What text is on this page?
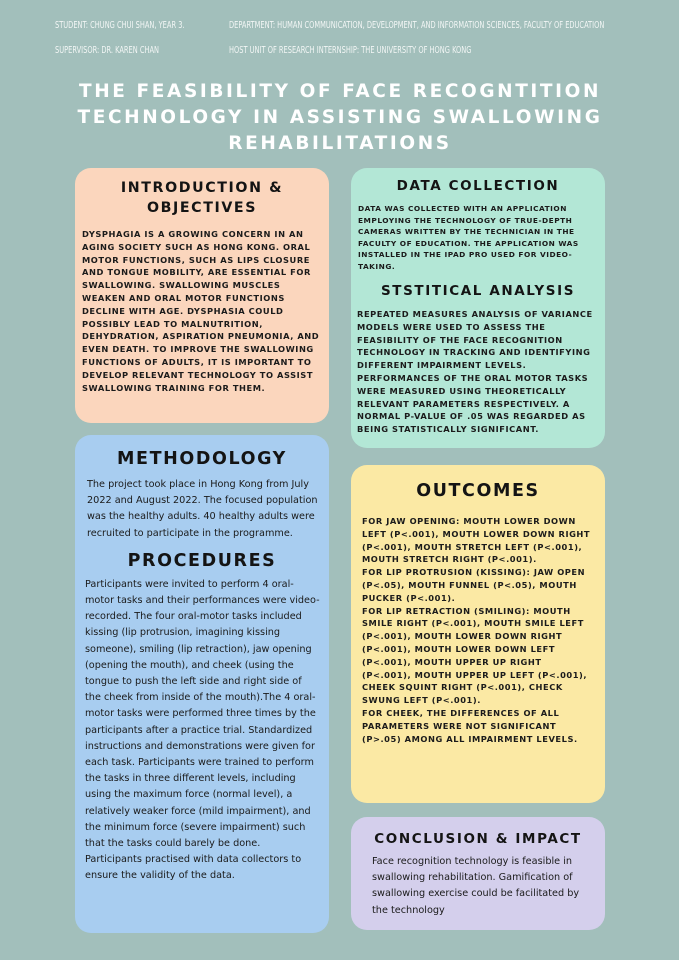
STUDENT: CHUNG CHUI SHAN, YEAR 3.	DEPARTMENT: HUMAN COMMUNICATION, DEVELOPMENT, AND INFORMATION SCIENCES, FACULTY OF EDUCATION
SUPERVISOR: DR. KAREN CHAN	HOST UNIT OF RESEARCH INTERNSHIP: THE UNIVERSITY OF HONG KONG
THE FEASIBILITY OF FACE RECOGNTITION TECHNOLOGY IN ASSISTING SWALLOWING REHABILITATIONS
INTRODUCTION & OBJECTIVES

DYSPHAGIA IS A GROWING CONCERN IN AN AGING SOCIETY SUCH AS HONG KONG. ORAL MOTOR FUNCTIONS, SUCH AS LIPS CLOSURE AND TONGUE MOBILITY, ARE ESSENTIAL FOR SWALLOWING. SWALLOWING MUSCLES WEAKEN AND ORAL MOTOR FUNCTIONS DECLINE WITH AGE. DYSPHASIA COULD POSSIBLY LEAD TO MALNUTRITION, DEHYDRATION, ASPIRATION PNEUMONIA, AND EVEN DEATH. TO IMPROVE THE SWALLOWING FUNCTIONS OF ADULTS, IT IS IMPORTANT TO DEVELOP RELEVANT TECHNOLOGY TO ASSIST SWALLOWING TRAINING FOR THEM.

DATA COLLECTION

DATA WAS COLLECTED WITH AN APPLICATION EMPLOYING THE TECHNOLOGY OF TRUE-DEPTH CAMERAS WRITTEN BY THE TECHNICIAN IN THE FACULTY OF EDUCATION. THE APPLICATION WAS INSTALLED IN THE IPAD PRO USED FOR VIDEO-TAKING.

STSTITICAL ANALYSIS

REPEATED MEASURES ANALYSIS OF VARIANCE MODELS WERE USED TO ASSESS THE FEASIBILITY OF THE FACE RECOGNITION TECHNOLOGY IN TRACKING AND IDENTIFYING DIFFERENT IMPAIRMENT LEVELS. PERFORMANCES OF THE ORAL MOTOR TASKS WERE MEASURED USING THEORETICALLY RELEVANT PARAMETERS RESPECTIVELY. A NORMAL P-VALUE OF .05 WAS REGARDED AS BEING STATISTICALLY SIGNIFICANT.

METHODOLOGY

The project took place in Hong Kong from July 2022 and August 2022. The focused population was the healthy adults. 40 healthy adults were recruited to participate in the programme.

PROCEDURES

Participants were invited to perform 4 oral-motor tasks and their performances were video-recorded. The four oral-motor tasks included kissing (lip protrusion, imagining kissing someone), smiling (lip retraction), jaw opening (opening the mouth), and cheek (using the tongue to push the left side and right side of the cheek from inside of the mouth).The 4 oral-motor tasks were performed three times by the participants after a practice trial. Standardized instructions and demonstrations were given for each task. Participants were trained to perform the tasks in three different levels, including using the maximum force (normal level), a relatively weaker force (mild impairment), and the minimum force (severe impairment) such that the tasks could barely be done. Participants practised with data collectors to ensure the validity of the data.

OUTCOMES

FOR JAW OPENING: MOUTH LOWER DOWN LEFT (P<.001), MOUTH LOWER DOWN RIGHT (P<.001), MOUTH STRETCH LEFT (P<.001), MOUTH STRETCH RIGHT (P<.001).

FOR LIP PROTRUSION (KISSING): JAW OPEN (P<.05), MOUTH FUNNEL (P<.05), MOUTH PUCKER (P<.001).

FOR LIP RETRACTION (SMILING): MOUTH SMILE RIGHT (P<.001), MOUTH SMILE LEFT (P<.001), MOUTH LOWER DOWN RIGHT (P<.001), MOUTH LOWER DOWN LEFT (P<.001), MOUTH UPPER UP RIGHT (P<.001), MOUTH UPPER UP LEFT (P<.001), CHEEK SQUINT RIGHT (P<.001), CHECK SWUNG LEFT (P<.001).

FOR CHEEK, THE DIFFERENCES OF ALL PARAMETERS WERE NOT SIGNIFICANT (P>.05) AMONG ALL IMPAIRMENT LEVELS.

CONCLUSION & IMPACT

Face recognition technology is feasible in swallowing rehabilitation. Gamification of swallowing exercise could be facilitated by the technology
